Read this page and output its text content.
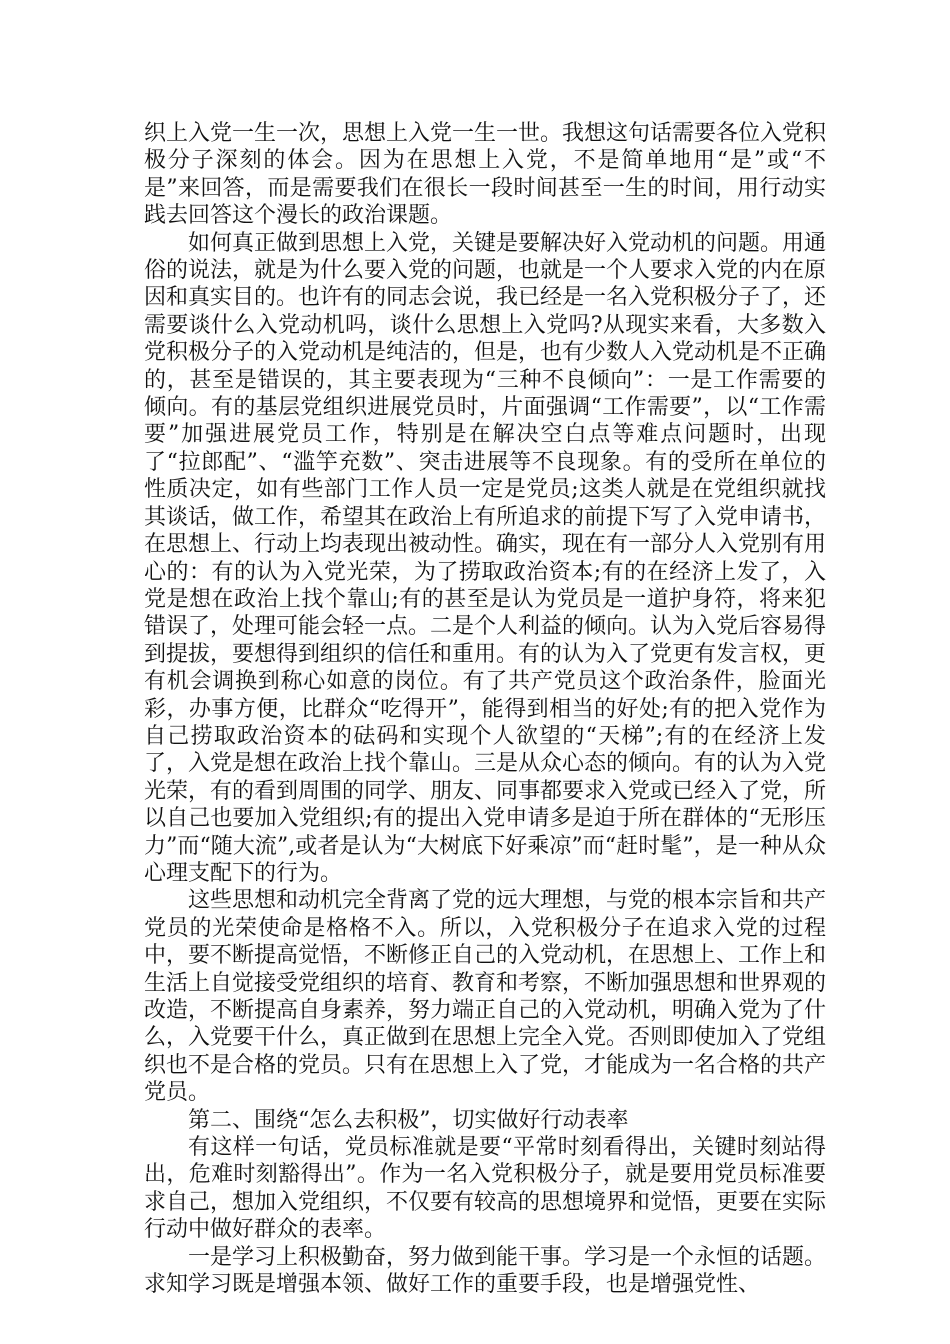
织上入党一生一次，思想上入党一生一世。我想这句话需要各位入党积极分子深刻的体会。因为在思想上入党，不是简单地用“是”或“不是”来回答，而是需要我们在很长一段时间甚至一生的时间，用行动实践去回答这个漫长的政治课题。

如何真正做到思想上入党，关键是要解决好入党动机的问题。用通俗的说法，就是为什么要入党的问题，也就是一个人要求入党的内在原因和真实目的。也许有的同志会说，我已经是一名入党积极分子了，还需要谈什么入党动机吗，谈什么思想上入党吗?从现实来看，大多数入党积极分子的入党动机是纯洁的，但是，也有少数人入党动机是不正确的，甚至是错误的，其主要表现为“三种不良倾向”：一是工作需要的倾向。有的基层党组织进展党员时，片面强调“工作需要”，以“工作需要”加强进展党员工作，特别是在解决空白点等难点问题时，出现了“拉郎配”、“滥竽充数”、突击进展等不良现象。有的受所在单位的性质决定，如有些部门工作人员一定是党员;这类人就是在党组织就找其谈话，做工作，希望其在政治上有所追求的前提下写了入党申请书，在思想上、行动上均表现出被动性。确实，现在有一部分人入党别有用心的：有的认为入党光荣，为了捞取政治资本;有的在经济上发了，入党是想在政治上找个靠山;有的甚至是认为党员是一道护身符，将来犯错误了，处理可能会轻一点。二是个人利益的倾向。认为入党后容易得到提拔，要想得到组织的信任和重用。有的认为入了党更有发言权，更有机会调换到称心如意的岗位。有了共产党员这个政治条件，脸面光彩，办事方便，比群众“吃得开”，能得到相当的好处;有的把入党作为自己捞取政治资本的砝码和实现个人欲望的“天梯”;有的在经济上发了，入党是想在政治上找个靠山。三是从众心态的倾向。有的认为入党光荣，有的看到周围的同学、朋友、同事都要求入党或已经入了党，所以自己也要加入党组织;有的提出入党申请多是迫于所在群体的“无形压力”而“随大流”,或者是认为“大树底下好乘凉”而“赶时髦”，是一种从众心理支配下的行为。

这些思想和动机完全背离了党的远大理想，与党的根本宗旨和共产党员的光荣使命是格格不入。所以，入党积极分子在追求入党的过程中，要不断提高觉悟，不断修正自己的入党动机，在思想上、工作上和生活上自觉接受党组织的培育、教育和考察，不断加强思想和世界观的改造，不断提高自身素养，努力端正自己的入党动机，明确入党为了什么，入党要干什么，真正做到在思想上完全入党。否则即使加入了党组织也不是合格的党员。只有在思想上入了党，才能成为一名合格的共产党员。

第二、围绕“怎么去积极”，切实做好行动表率

有这样一句话，党员标准就是要“平常时刻看得出，关键时刻站得出，危难时刻豁得出”。作为一名入党积极分子，就是要用党员标准要求自己，想加入党组织，不仅要有较高的思想境界和觉悟，更要在实际行动中做好群众的表率。

一是学习上积极勤奋，努力做到能干事。学习是一个永恒的话题。求知学习既是增强本领、做好工作的重要手段，也是增强党性、
